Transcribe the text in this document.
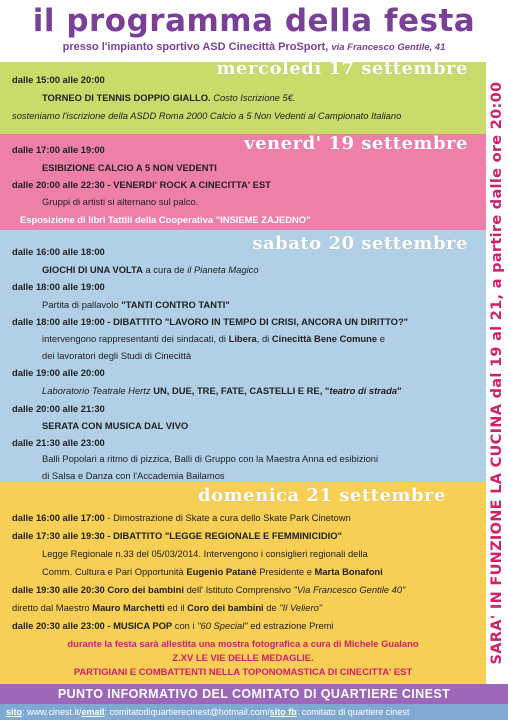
il programma della festa
presso l'impianto sportivo ASD Cinecittà ProSport, via Francesco Gentile, 41
mercoledì 17 settembre
dalle 15:00 alle 20:00
TORNEO DI TENNIS DOPPIO GIALLO. Costo Iscrizione 5€.
sosteniamo l'iscrizione della ASDD Roma 2000 Calcio a 5 Non Vedenti al Campionato Italiano
venerd' 19 settembre
dalle 17:00 alle 19:00
ESIBIZIONE CALCIO A 5 NON VEDENTI
dalle 20:00 alle 22:30 - VENERDI' ROCK A CINECITTA' EST
Gruppi di artisti si alternano sul palco.
Esposizione di libri Tattili della Cooperativa "INSIEME ZAJEDNO"
sabato 20 settembre
dalle 16:00 alle 18:00
GIOCHI DI UNA VOLTA a cura de il Pianeta Magico
dalle 18:00 alle 19:00
Partita di pallavolo "TANTI CONTRO TANTI"
dalle 18:00 alle 19:00 - DIBATTITO "LAVORO IN TEMPO DI CRISI, ANCORA UN DIRITTO?"
intervengono rappresentanti dei sindacati, di Libera, di Cinecittà Bene Comune e
dei lavoratori degli Studi di Cinecittà
dalle 19:00 alle 20:00
Laboratorio Teatrale Hertz UN, DUE, TRE, FATE, CASTELLI E RE, "teatro di strada"
dalle 20:00 alle 21:30
SERATA CON MUSICA DAL VIVO
dalle 21:30 alle 23:00
Balli Popolari a ritmo di pizzica, Balli di Gruppo con la Maestra Anna ed esibizioni
di Salsa e Danza con l'Accademia Bailamos
domenica 21 settembre
dalle 16:00 alle 17:00 - Dimostrazione di Skate a cura dello Skate Park Cinetown
dalle 17:30 alle 19:30 - DIBATTITO "LEGGE REGIONALE E FEMMINICIDIO"
Legge Regionale n.33 del 05/03/2014. Intervengono i consiglieri regionali della
Comm. Cultura e Pari Opportunità Eugenio Patanè Presidente e Marta Bonafoni
dalle 19:30 alle 20:30 Coro dei bambini dell' Istituto Comprensivo "Via Francesco Gentile 40"
diretto dal Maestro Mauro Marchetti ed il Coro dei bambini de "Il Veliero"
dalle 20:30 alle 23:00 - MUSICA POP con i "60 Special" ed estrazione Premi
durante la festa sarà allestita una mostra fotografica a cura di Michele Gualano
Z.XV LE VIE DELLE MEDAGLIE.
PARTIGIANI E COMBATTENTI NELLA TOPONOMASTICA DI CINECITTA' EST
SARA' IN FUNZIONE LA CUCINA dal 19 al 21, a partire dalle ore 20:00
PUNTO INFORMATIVO DEL COMITATO DI QUARTIERE CINEST
sito: www.cinest.it/email: comitatodiquartierecinest@hotmail.com/sito fb: comitato di quartiere cinest
